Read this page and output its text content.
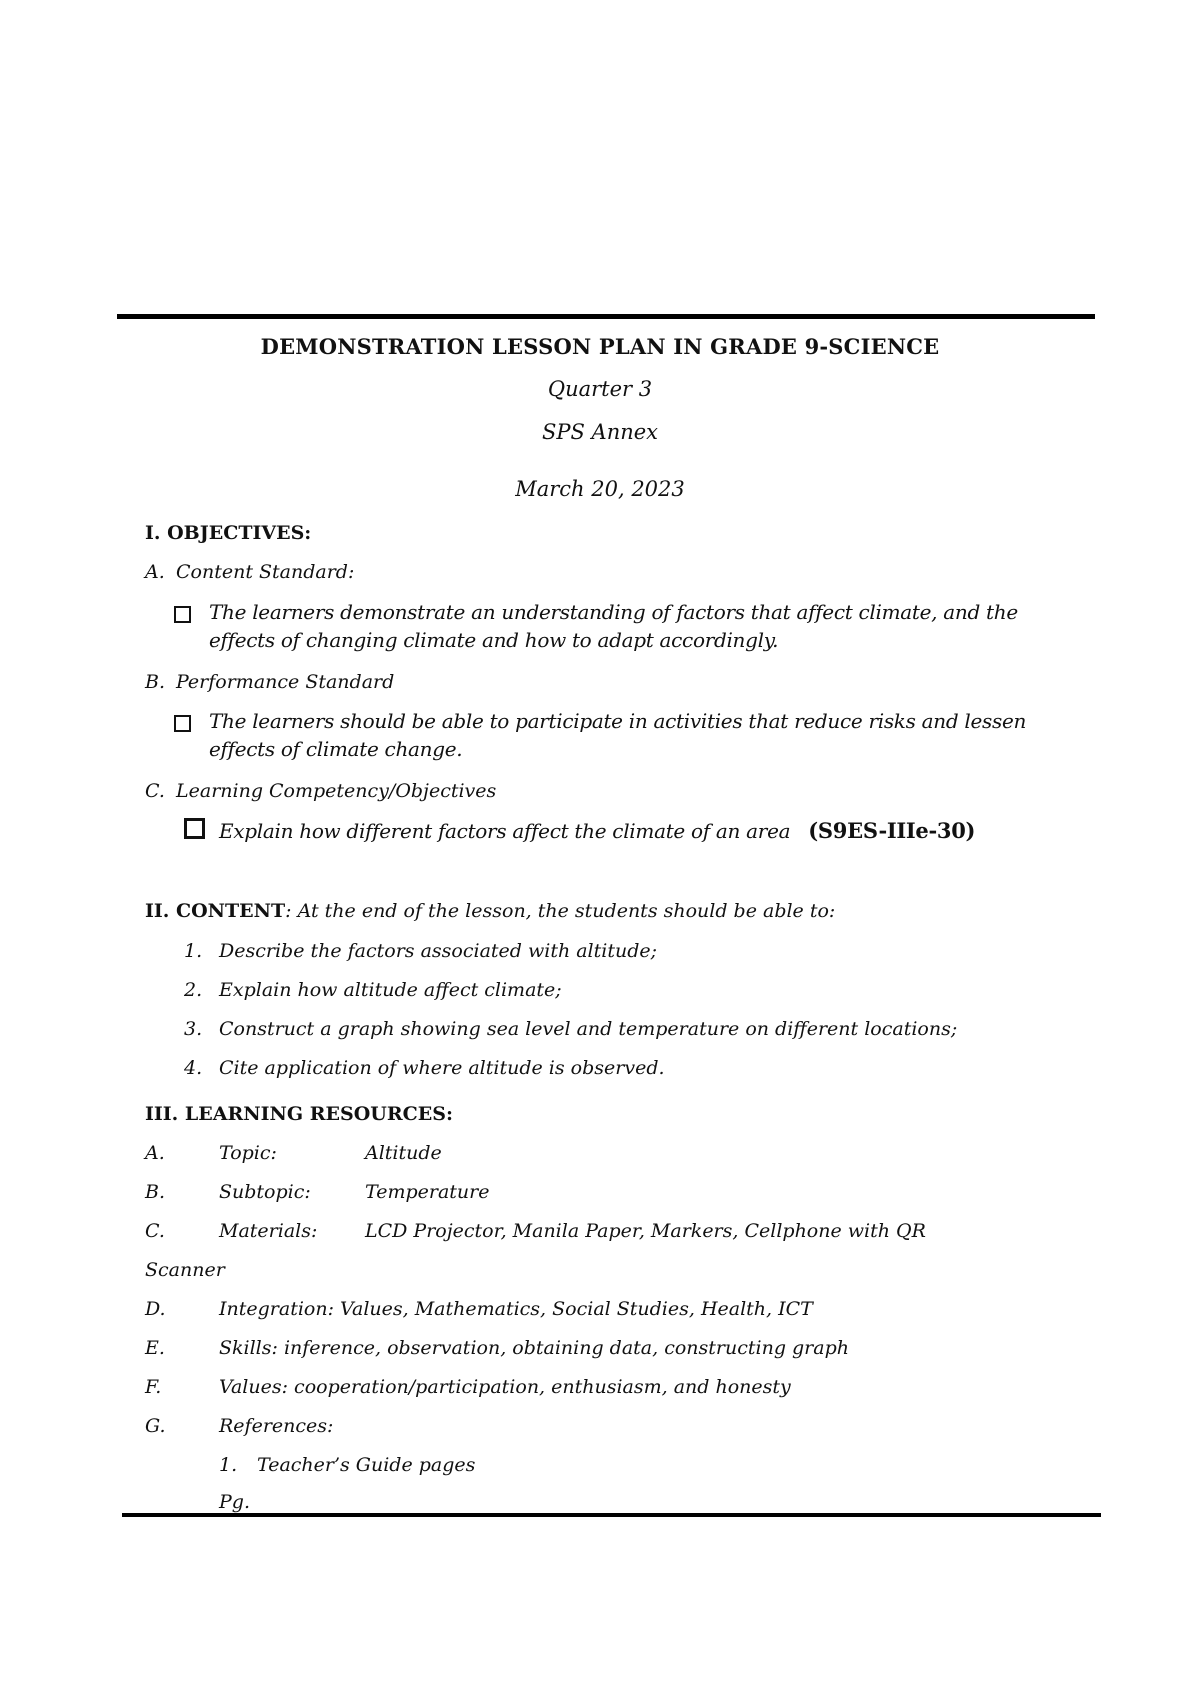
DEMONSTRATION LESSON PLAN IN GRADE 9-SCIENCE
Quarter 3
SPS Annex
March 20, 2023
I. OBJECTIVES:
A. Content Standard:
The learners demonstrate an understanding of factors that affect climate, and the
effects of changing climate and how to adapt accordingly.
B. Performance Standard
The learners should be able to participate in activities that reduce risks and lessen
effects of climate change.
C. Learning Competency/Objectives
Explain how different factors affect the climate of an area (S9ES-IIIe-30)
II. CONTENT: At the end of the lesson, the students should be able to:
1. Describe the factors associated with altitude;
2. Explain how altitude affect climate;
3. Construct a graph showing sea level and temperature on different locations;
4. Cite application of where altitude is observed.
III. LEARNING RESOURCES:
A.	Topic:	Altitude
B.	Subtopic:	Temperature
C.	Materials:	LCD Projector, Manila Paper, Markers, Cellphone with QR
Scanner
D.	Integration: Values, Mathematics, Social Studies, Health, ICT
E.	Skills: inference, observation, obtaining data, constructing graph
F.	Values: cooperation/participation, enthusiasm, and honesty
G.	References:
1. Teacher’s Guide pages
Pg.
